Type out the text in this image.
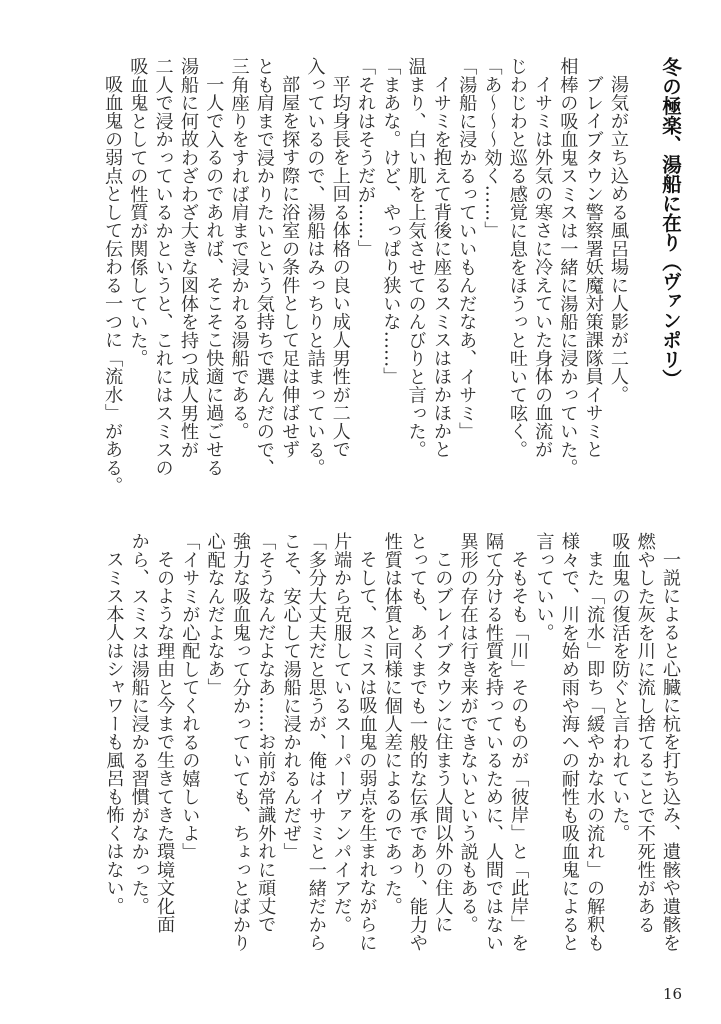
冬の極楽、湯船に在り（ヴァンポリ）

湯気が立ち込める風呂場に人影が二人。

ブレイブタウン警察署妖魔対策課隊員イサミと

相棒の吸血鬼スミスは一緒に湯船に浸かっていた。

イサミは外気の寒さに冷えていた身体の血流が

じわじわと巡る感覚に息をほうっと吐いて呟く。

「あ～～～効く……」

「湯船に浸かるっていいもんだなあ、イサミ」

イサミを抱えて背後に座るスミスはほかほかと

温まり、白い肌を上気させてのんびりと言った。

「まあな。けど、やっぱり狭いな……」

「それはそうだが……」

平均身長を上回る体格の良い成人男性が二人で

入っているので、湯船はみっちりと詰まっている。

部屋を探す際に浴室の条件として足は伸ばせず

とも肩まで浸かりたいという気持ちで選んだので、

三角座りをすれば肩まで浸かれる湯船である。

一人で入るのであれば、そこそこ快適に過ごせる

湯船に何故わざわざ大きな図体を持つ成人男性が

二人で浸かっているかというと、これにはスミスの

吸血鬼としての性質が関係していた。

吸血鬼の弱点として伝わる一つに「流水」がある。

一説によると心臓に杭を打ち込み、遺骸や遺骸を

燃やした灰を川に流し捨てることで不死性がある

吸血鬼の復活を防ぐと言われていた。

また「流水」即ち「緩やかな水の流れ」の解釈も

様々で、川を始め雨や海への耐性も吸血鬼によると

言っていい。

そもそも「川」そのものが「彼岸」と「此岸」を

隔て分ける性質を持っているために、人間ではない

異形の存在は行き来ができないという説もある。

このブレイブタウンに住まう人間以外の住人に

とっても、あくまでも一般的な伝承であり、能力や

性質は体質と同様に個人差によるのであった。

そして、スミスは吸血鬼の弱点を生まれながらに

片端から克服しているスーパーヴァンパイアだ。

「多分大丈夫だと思うが、俺はイサミと一緒だから

こそ、安心して湯船に浸かれるんだぜ」

「そうなんだよなあ……お前が常識外れに頑丈で

強力な吸血鬼って分かっていても、ちょっとばかり

心配なんだよなあ」

「イサミが心配してくれるの嬉しいよ」

そのような理由と今まで生きてきた環境文化面

から、スミスは湯船に浸かる習慣がなかった。

スミス本人はシャワーも風呂も怖くはない。

16
